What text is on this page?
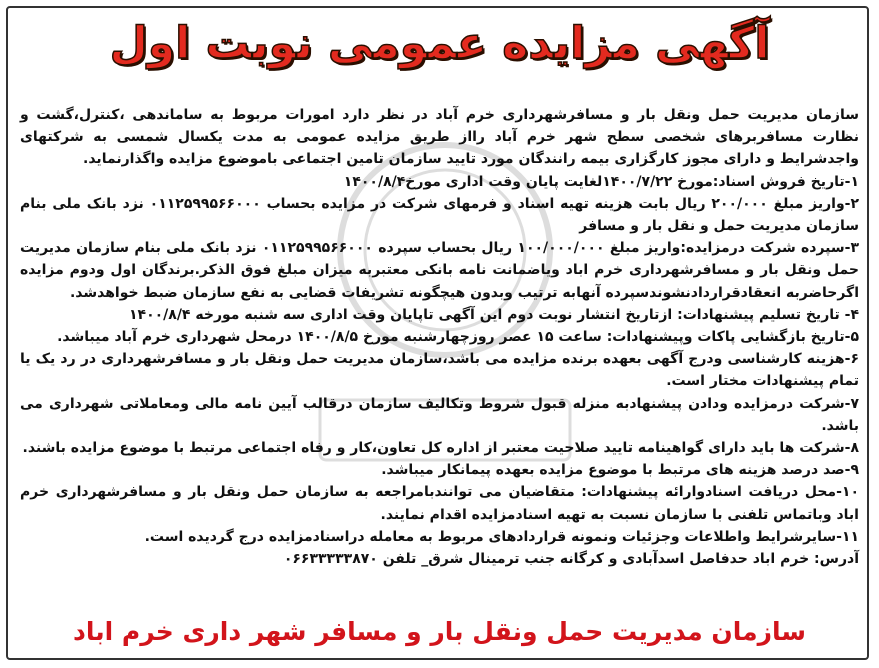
آگهی مزایده عمومی نوبت اول

سازمان مدیریت حمل ونقل بار و مسافرشهرداری خرم آباد در نظر دارد امورات مربوط به ساماندهی ،کنترل،گشت و نظارت مسافربرهای شخصی سطح شهر خرم آباد رااز طریق مزایده عمومی به مدت یکسال شمسی به شرکتهای واجدشرایط و دارای مجوز کارگزاری بیمه رانندگان مورد تایید سازمان تامین اجتماعی باموضوع مزایده واگذارنماید.

۱-تاریخ فروش اسناد:مورخ ۱۴۰۰/۷/۲۲لغایت پایان وقت اداری مورخ۱۴۰۰/۸/۴

۲-واریز مبلغ ۲۰۰/۰۰۰ ریال بابت هزینه تهیه اسناد و فرمهای شرکت در مزایده بحساب ۰۱۱۲۵۹۹۵۶۶۰۰۰ نزد بانک ملی بنام سازمان مدیریت حمل و نقل بار و مسافر

۳-سپرده شرکت درمزایده:واریز مبلغ ۱۰۰/۰۰۰/۰۰۰ ریال بحساب سپرده ۰۱۱۲۵۹۹۵۶۶۰۰۰ نزد بانک ملی بنام سازمان مدیریت حمل ونقل بار و مسافرشهرداری خرم اباد ویاضمانت نامه بانکی معتبربه میزان مبلغ فوق الذکر.برندگان اول ودوم مزایده اگرحاضربه انعقادقراردادنشوندسپرده آنهابه ترتیب وبدون هیچگونه تشریفات قضایی به نفع سازمان ضبط خواهدشد.

۴- تاریخ تسلیم پیشنهادات: ازتاریخ انتشار نوبت دوم این آگهی تاپایان وقت اداری سه شنبه مورخه ۱۴۰۰/۸/۴

۵-تاریخ بازگشایی پاکات وپیشنهادات: ساعت ۱۵ عصر روزچهارشنبه مورخ ۱۴۰۰/۸/۵ درمحل شهرداری خرم آباد میباشد.

۶-هزینه کارشناسی ودرج آگهی بعهده برنده مزایده می باشد،سازمان مدیریت حمل ونقل بار و مسافرشهرداری در رد یک یا تمام پیشنهادات مختار است.

۷-شرکت درمزایده ودادن پیشنهادبه منزله قبول شروط وتکالیف سازمان درقالب آیین نامه مالی ومعاملاتی شهرداری می باشد.

۸-شرکت ها باید دارای گواهینامه تایید صلاحیت معتبر از اداره کل تعاون،کار و رفاه اجتماعی مرتبط با موضوع مزایده باشند.

۹-صد درصد هزینه های مرتبط با موضوع مزایده بعهده پیمانکار میباشد.

۱۰-محل دریافت اسنادوارائه پیشنهادات: متقاضیان می توانندبامراجعه به سازمان حمل ونقل بار و مسافرشهرداری خرم اباد وباتماس تلفنی با سازمان نسبت به تهیه اسنادمزایده اقدام نمایند.

۱۱-سایرشرایط واطلاعات وجزئیات ونمونه قراردادهای مربوط به معامله دراسنادمزایده درج گردیده است.

آدرس: خرم اباد حدفاصل اسدآبادی و کرگانه جنب ترمینال شرق_ تلفن ۰۶۶۳۳۳۳۳۸۷۰

سازمان مدیریت حمل ونقل بار و مسافر شهر داری خرم اباد
